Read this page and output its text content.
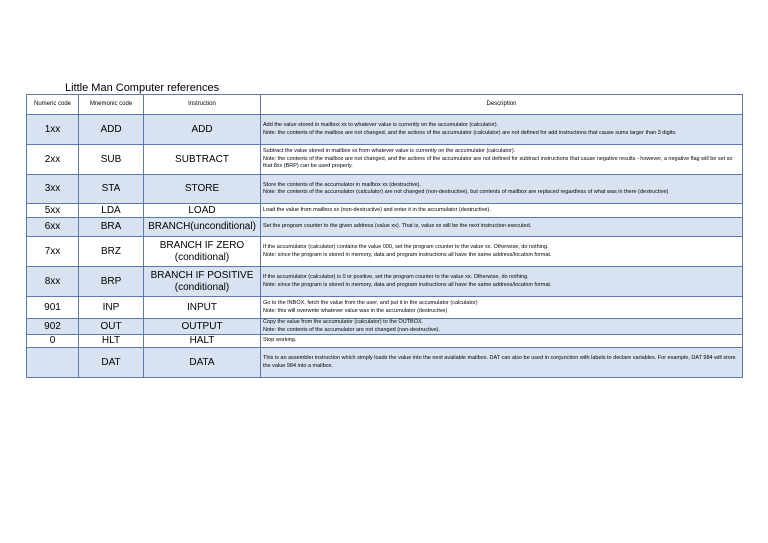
Little Man Computer references
Numeric code	Mnemonic code	Instruction	Description
1xx	ADD	ADD	Add the value stored in mailbox xx to whatever value is currently on the accumulator (calculator).
Note: the contents of the mailbox are not changed, and the actions of the accumulator (calculator) are not defined for add instructions that cause sums larger than 3 digits.

2xx	SUB	SUBTRACT	Subtract the value stored in mailbox xx from whatever value is currently on the accumulator (calculator).
Note: the contents of the mailbox are not changed, and the actions of the accumulator are not defined for subtract instructions that cause negative results - however, a negative flag will be set so that 8xx (BRP) can be used properly.

3xx	STA	STORE	Store the contents of the accumulator in mailbox xx (destructive).
Note: the contents of the accumulator (calculator) are not changed (non-destructive), but contents of mailbox are replaced regardless of what was in there (destructive)

5xx	LDA	LOAD	Load the value from mailbox xx (non-destructive) and enter it in the accumulator (destructive).

6xx	BRA	BRANCH(unconditional)	Set the program counter to the given address (value xx). That is, value xx will be the next instruction executed.

7xx	BRZ	BRANCH IF ZERO (conditional)	If the accumulator (calculator) contains the value 000, set the program counter to the value xx. Otherwise, do nothing.
Note: since the program is stored in memory, data and program instructions all have the same address/location format.

8xx	BRP	BRANCH IF POSITIVE (conditional)	If the accumulator (calculator) is 0 or positive, set the program counter to the value xx. Otherwise, do nothing.
Note: since the program is stored in memory, data and program instructions all have the same address/location format.

901	INP	INPUT	Go to the INBOX, fetch the value from the user, and put it in the accumulator (calculator)
Note: this will overwrite whatever value was in the accumulator (destructive)

902	OUT	OUTPUT	Copy the value from the accumulator (calculator) to the OUTBOX.
Note: the contents of the accumulator are not changed (non-destructive).

0	HLT	HALT	Stop working.

	DAT	DATA	This is an assembler instruction which simply loads the value into the next available mailbox. DAT can also be used in conjunction with labels to declare variables. For example, DAT 984 will store the value 984 into a mailbox.
